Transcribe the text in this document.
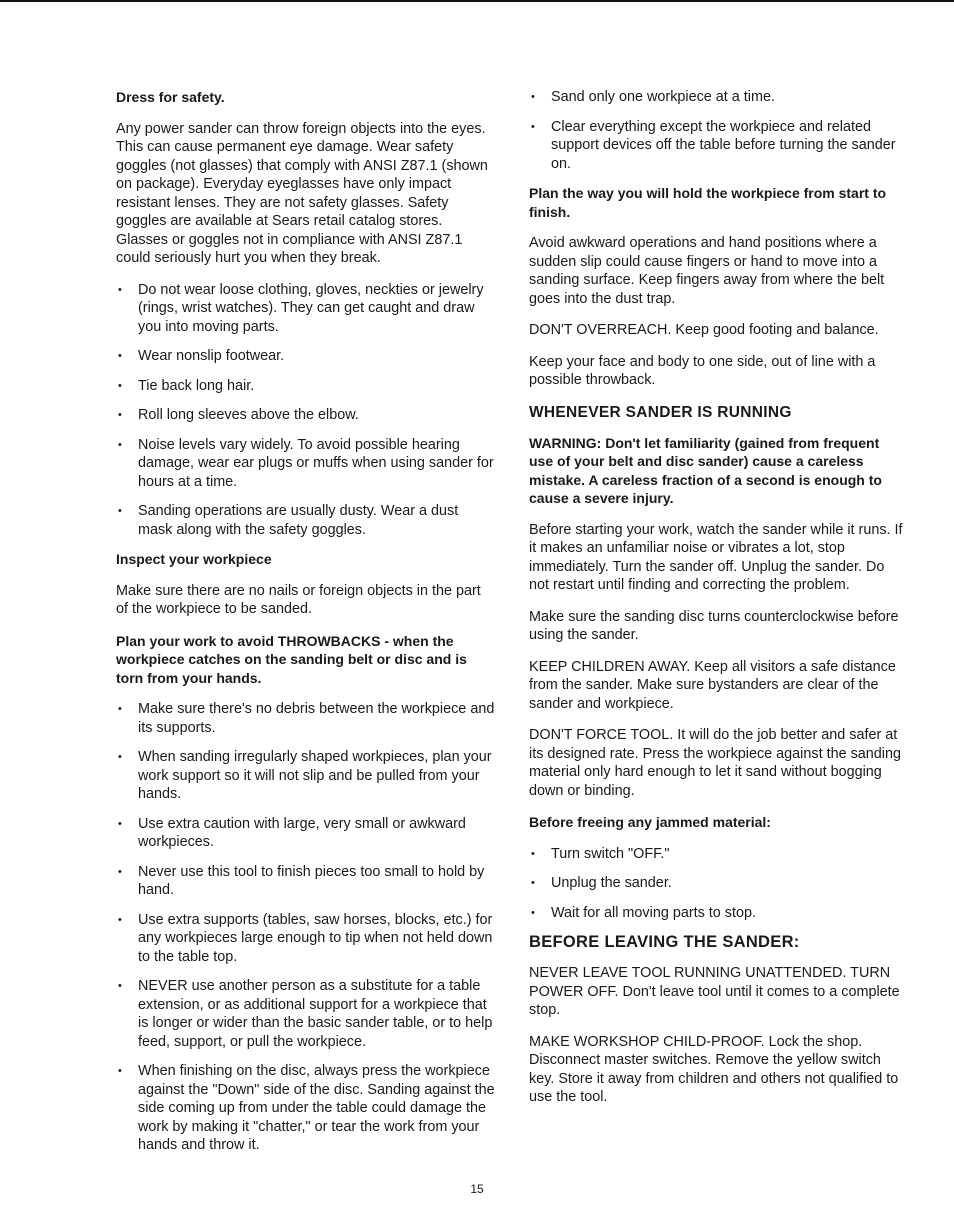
Dress for safety.

Any power sander can throw foreign objects into the eyes. This can cause permanent eye damage. Wear safety goggles (not glasses) that comply with ANSI Z87.1 (shown on package). Everyday eyeglasses have only impact resistant lenses. They are not safety glasses. Safety goggles are available at Sears retail catalog stores. Glasses or goggles not in compliance with ANSI Z87.1 could seriously hurt you when they break.

• Do not wear loose clothing, gloves, neckties or jewelry (rings, wrist watches). They can get caught and draw you into moving parts.
• Wear nonslip footwear.
• Tie back long hair.
• Roll long sleeves above the elbow.
• Noise levels vary widely. To avoid possible hearing damage, wear ear plugs or muffs when using sander for hours at a time.
• Sanding operations are usually dusty. Wear a dust mask along with the safety goggles.
Inspect your workpiece

Make sure there are no nails or foreign objects in the part of the workpiece to be sanded.

Plan your work to avoid THROWBACKS - when the workpiece catches on the sanding belt or disc and is torn from your hands.
• Make sure there's no debris between the workpiece and its supports.
• When sanding irregularly shaped workpieces, plan your work support so it will not slip and be pulled from your hands.
• Use extra caution with large, very small or awkward workpieces.
• Never use this tool to finish pieces too small to hold by hand.
• Use extra supports (tables, saw horses, blocks, etc.) for any workpieces large enough to tip when not held down to the table top.
• NEVER use another person as a substitute for a table extension, or as additional support for a workpiece that is longer or wider than the basic sander table, or to help feed, support, or pull the workpiece.
• When finishing on the disc, always press the workpiece against the "Down" side of the disc. Sanding against the side coming up from under the table could damage the work by making it "chatter," or tear the work from your hands and throw it.
• Sand only one workpiece at a time.
• Clear everything except the workpiece and related support devices off the table before turning the sander on.
Plan the way you will hold the workpiece from start to finish.

Avoid awkward operations and hand positions where a sudden slip could cause fingers or hand to move into a sanding surface. Keep fingers away from where the belt goes into the dust trap.

DON'T OVERREACH. Keep good footing and balance.

Keep your face and body to one side, out of line with a possible throwback.

WHENEVER SANDER IS RUNNING
WARNING: Don't let familiarity (gained from frequent use of your belt and disc sander) cause a careless mistake. A careless fraction of a second is enough to cause a severe injury.

Before starting your work, watch the sander while it runs. If it makes an unfamiliar noise or vibrates a lot, stop immediately. Turn the sander off. Unplug the sander. Do not restart until finding and correcting the problem.

Make sure the sanding disc turns counterclockwise before using the sander.

KEEP CHILDREN AWAY. Keep all visitors a safe distance from the sander. Make sure bystanders are clear of the sander and workpiece.

DON'T FORCE TOOL. It will do the job better and safer at its designed rate. Press the workpiece against the sanding material only hard enough to let it sand without bogging down or binding.

Before freeing any jammed material:
• Turn switch "OFF."
• Unplug the sander.
• Wait for all moving parts to stop.
BEFORE LEAVING THE SANDER:

NEVER LEAVE TOOL RUNNING UNATTENDED. TURN POWER OFF. Don't leave tool until it comes to a complete stop.

MAKE WORKSHOP CHILD-PROOF. Lock the shop. Disconnect master switches. Remove the yellow switch key. Store it away from children and others not qualified to use the tool.

15
